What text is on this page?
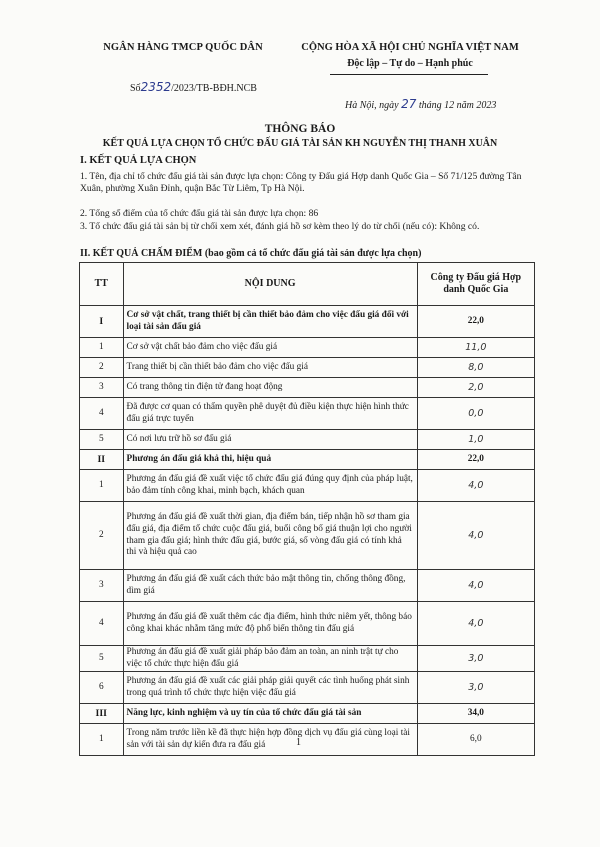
NGÂN HÀNG TMCP QUỐC DÂN	CỘNG HÒA XÃ HỘI CHỦ NGHĨA VIỆT NAM
Độc lập – Tự do – Hạnh phúc
Số2352/2023/TB-BĐH.NCB
Hà Nội, ngày 27 tháng 12 năm 2023
THÔNG BÁO
KẾT QUẢ LỰA CHỌN TỔ CHỨC ĐẤU GIÁ TÀI SẢN KH NGUYỄN THỊ THANH XUÂN
I. KẾT QUẢ LỰA CHỌN
1. Tên, địa chỉ tổ chức đấu giá tài sản được lựa chọn: Công ty Đấu giá Hợp danh Quốc Gia – Số 71/125 đường Tân Xuân, phường Xuân Đỉnh, quận Bắc Từ Liêm, Tp Hà Nội.
2. Tổng số điểm của tổ chức đấu giá tài sản được lựa chọn: 86
3. Tổ chức đấu giá tài sản bị từ chối xem xét, đánh giá hồ sơ kèm theo lý do từ chối (nếu có): Không có.
II. KẾT QUẢ CHẤM ĐIỂM (bao gồm cả tổ chức đấu giá tài sản được lựa chọn)
TT	NỘI DUNG	Công ty Đấu giá Hợp danh Quốc Gia
I	Cơ sở vật chất, trang thiết bị cần thiết bảo đảm cho việc đấu giá đối với loại tài sản đấu giá	22,0
1	Cơ sở vật chất bảo đảm cho việc đấu giá	11,0
2	Trang thiết bị cần thiết bảo đảm cho việc đấu giá	8,0
3	Có trang thông tin điện tử đang hoạt động	2,0
4	Đã được cơ quan có thẩm quyền phê duyệt đủ điều kiện thực hiện hình thức đấu giá trực tuyến	0,0
5	Có nơi lưu trữ hồ sơ đấu giá	1,0
II	Phương án đấu giá khả thi, hiệu quả	22,0
1	Phương án đấu giá đề xuất việc tổ chức đấu giá đúng quy định của pháp luật, bảo đảm tính công khai, minh bạch, khách quan	4,0
2	Phương án đấu giá đề xuất thời gian, địa điểm bán, tiếp nhận hồ sơ tham gia đấu giá, địa điểm tổ chức cuộc đấu giá, buổi công bố giá thuận lợi cho người tham gia đấu giá; hình thức đấu giá, bước giá, số vòng đấu giá có tính khả thi và hiệu quả cao	4,0
3	Phương án đấu giá đề xuất cách thức bảo mật thông tin, chống thông đồng, dìm giá	4,0
4	Phương án đấu giá đề xuất thêm các địa điểm, hình thức niêm yết, thông báo công khai khác nhằm tăng mức độ phổ biến thông tin đấu giá	4,0
5	Phương án đấu giá đề xuất giải pháp bảo đảm an toàn, an ninh trật tự cho việc tổ chức thực hiện đấu giá	3,0
6	Phương án đấu giá đề xuất các giải pháp giải quyết các tình huống phát sinh trong quá trình tổ chức thực hiện việc đấu giá	3,0
III	Năng lực, kinh nghiệm và uy tín của tổ chức đấu giá tài sản	34,0
1	Trong năm trước liền kề đã thực hiện hợp đồng dịch vụ đấu giá cùng loại tài sản với tài sản dự kiến đưa ra đấu giá	6,0
1
